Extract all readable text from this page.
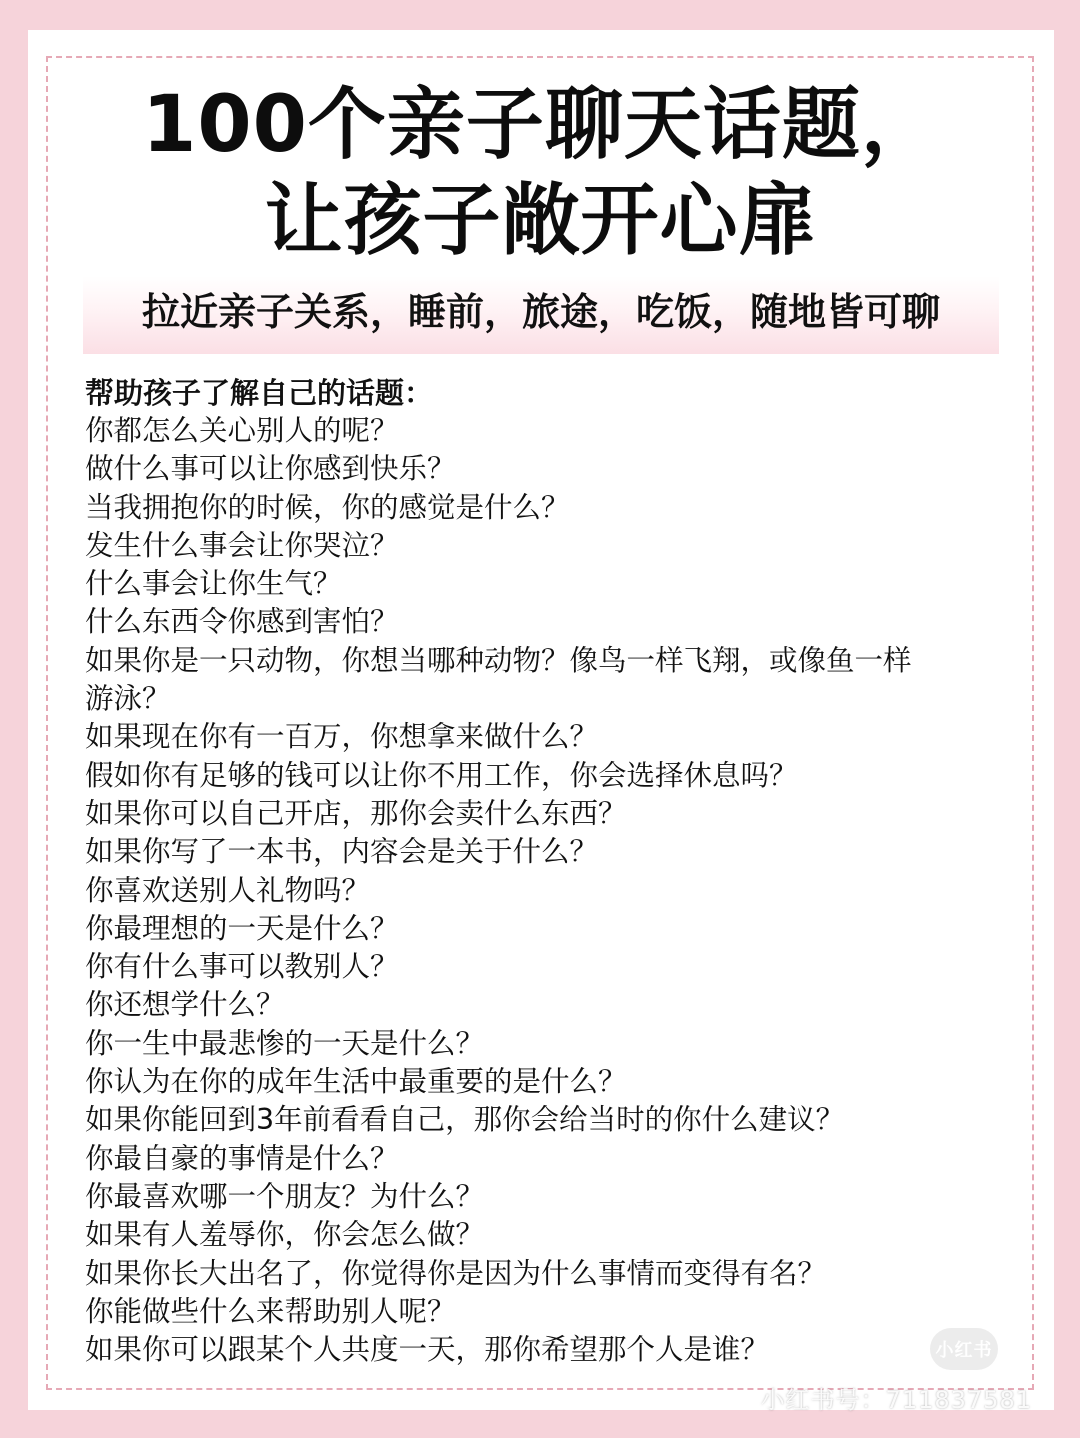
100个亲子聊天话题，
让孩子敞开心扉
拉近亲子关系，睡前，旅途，吃饭，随地皆可聊

帮助孩子了解自己的话题：

你都怎么关心别人的呢？
做什么事可以让你感到快乐？
当我拥抱你的时候，你的感觉是什么？
发生什么事会让你哭泣？
什么事会让你生气？
什么东西令你感到害怕？
如果你是一只动物，你想当哪种动物？像鸟一样飞翔，或像鱼一样
游泳？
如果现在你有一百万，你想拿来做什么？
假如你有足够的钱可以让你不用工作，你会选择休息吗？
如果你可以自己开店，那你会卖什么东西？
如果你写了一本书，内容会是关于什么？
你喜欢送别人礼物吗？
你最理想的一天是什么？
你有什么事可以教别人？
你还想学什么？
你一生中最悲惨的一天是什么？
你认为在你的成年生活中最重要的是什么？
如果你能回到3年前看看自己，那你会给当时的你什么建议？
你最自豪的事情是什么？
你最喜欢哪一个朋友？为什么？
如果有人羞辱你，你会怎么做？
如果你长大出名了，你觉得你是因为什么事情而变得有名？
你能做些什么来帮助别人呢？
如果你可以跟某个人共度一天，那你希望那个人是谁？	小红书
小红书号：711837581
